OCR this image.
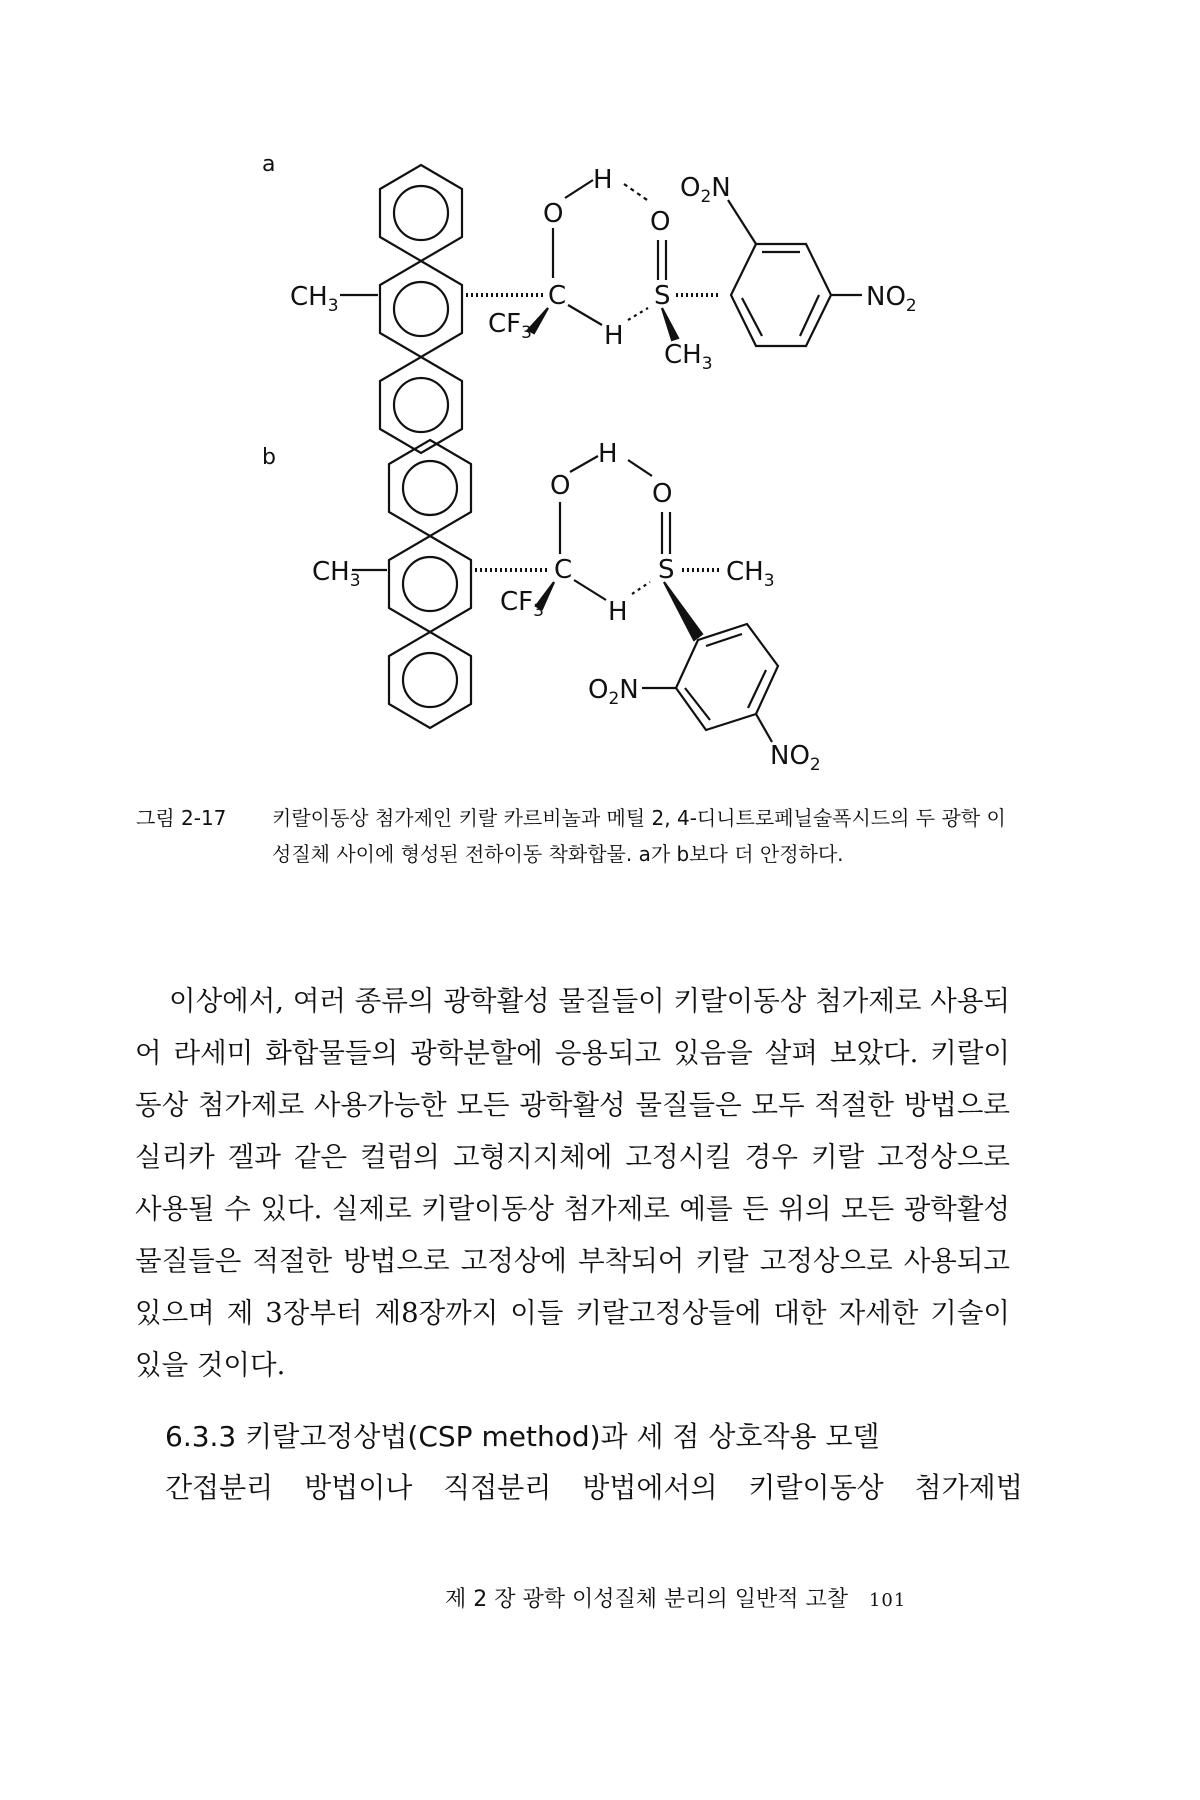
a
b
$CH_3$
O
H
O
C
H
S
$CF_3$
$CH_3$
$O_2N$
$NO_2$
$CH_3$
O
H
O
C
H
S $CH_3$
$CF_3$
$O_2N$
$NO_2$
그림 2-17	키랄이동상 첨가제인 키랄 카르비놀과 메틸 2, 4-디니트로페닐술폭시드의 두 광학 이성질체 사이에 형성된 전하이동 착화합물. a가 b보다 더 안정하다.

이상에서, 여러 종류의 광학활성 물질들이 키랄이동상 첨가제로 사용되어 라세미 화합물들의 광학분할에 응용되고 있음을 살펴 보았다. 키랄이동상 첨가제로 사용가능한 모든 광학활성 물질들은 모두 적절한 방법으로 실리카 겔과 같은 컬럼의 고형지지체에 고정시킬 경우 키랄 고정상으로 사용될 수 있다. 실제로 키랄이동상 첨가제로 예를 든 위의 모든 광학활성 물질들은 적절한 방법으로 고정상에 부착되어 키랄 고정상으로 사용되고 있으며 제 3장부터 제8장까지 이들 키랄고정상들에 대한 자세한 기술이 있을 것이다.

6.3.3 키랄고정상법(CSP method)과 세 점 상호작용 모델
간접분리 방법이나 직접분리 방법에서의 키랄이동상 첨가제법
제 2 장 광학 이성질체 분리의 일반적 고찰 101
